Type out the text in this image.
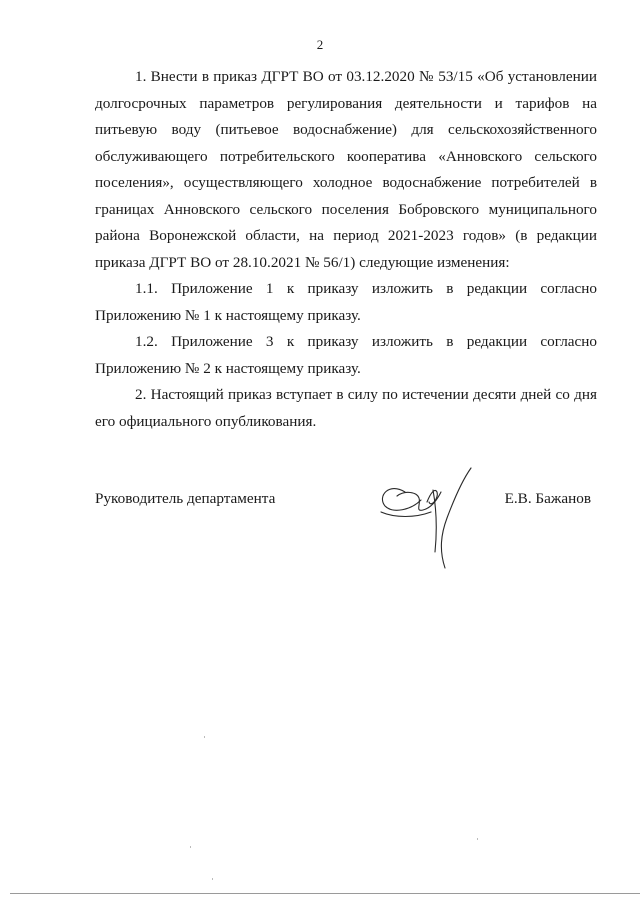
2

1. Внести в приказ ДГРТ ВО от 03.12.2020 № 53/15 «Об установлении долгосрочных параметров регулирования деятельности и тарифов на питьевую воду (питьевое водоснабжение) для сельскохозяйственного обслуживающего потребительского кооператива «Анновского сельского поселения», осуществляющего холодное водоснабжение потребителей в границах Анновского сельского поселения Бобровского муниципального района Воронежской области, на период 2021-2023 годов» (в редакции приказа ДГРТ ВО от 28.10.2021 № 56/1) следующие изменения:

1.1. Приложение 1 к приказу изложить в редакции согласно Приложению № 1 к настоящему приказу.

1.2. Приложение 3 к приказу изложить в редакции согласно Приложению № 2 к настоящему приказу.

2. Настоящий приказ вступает в силу по истечении десяти дней со дня его официального опубликования.

Руководитель департамента	Е.В. Бажанов
